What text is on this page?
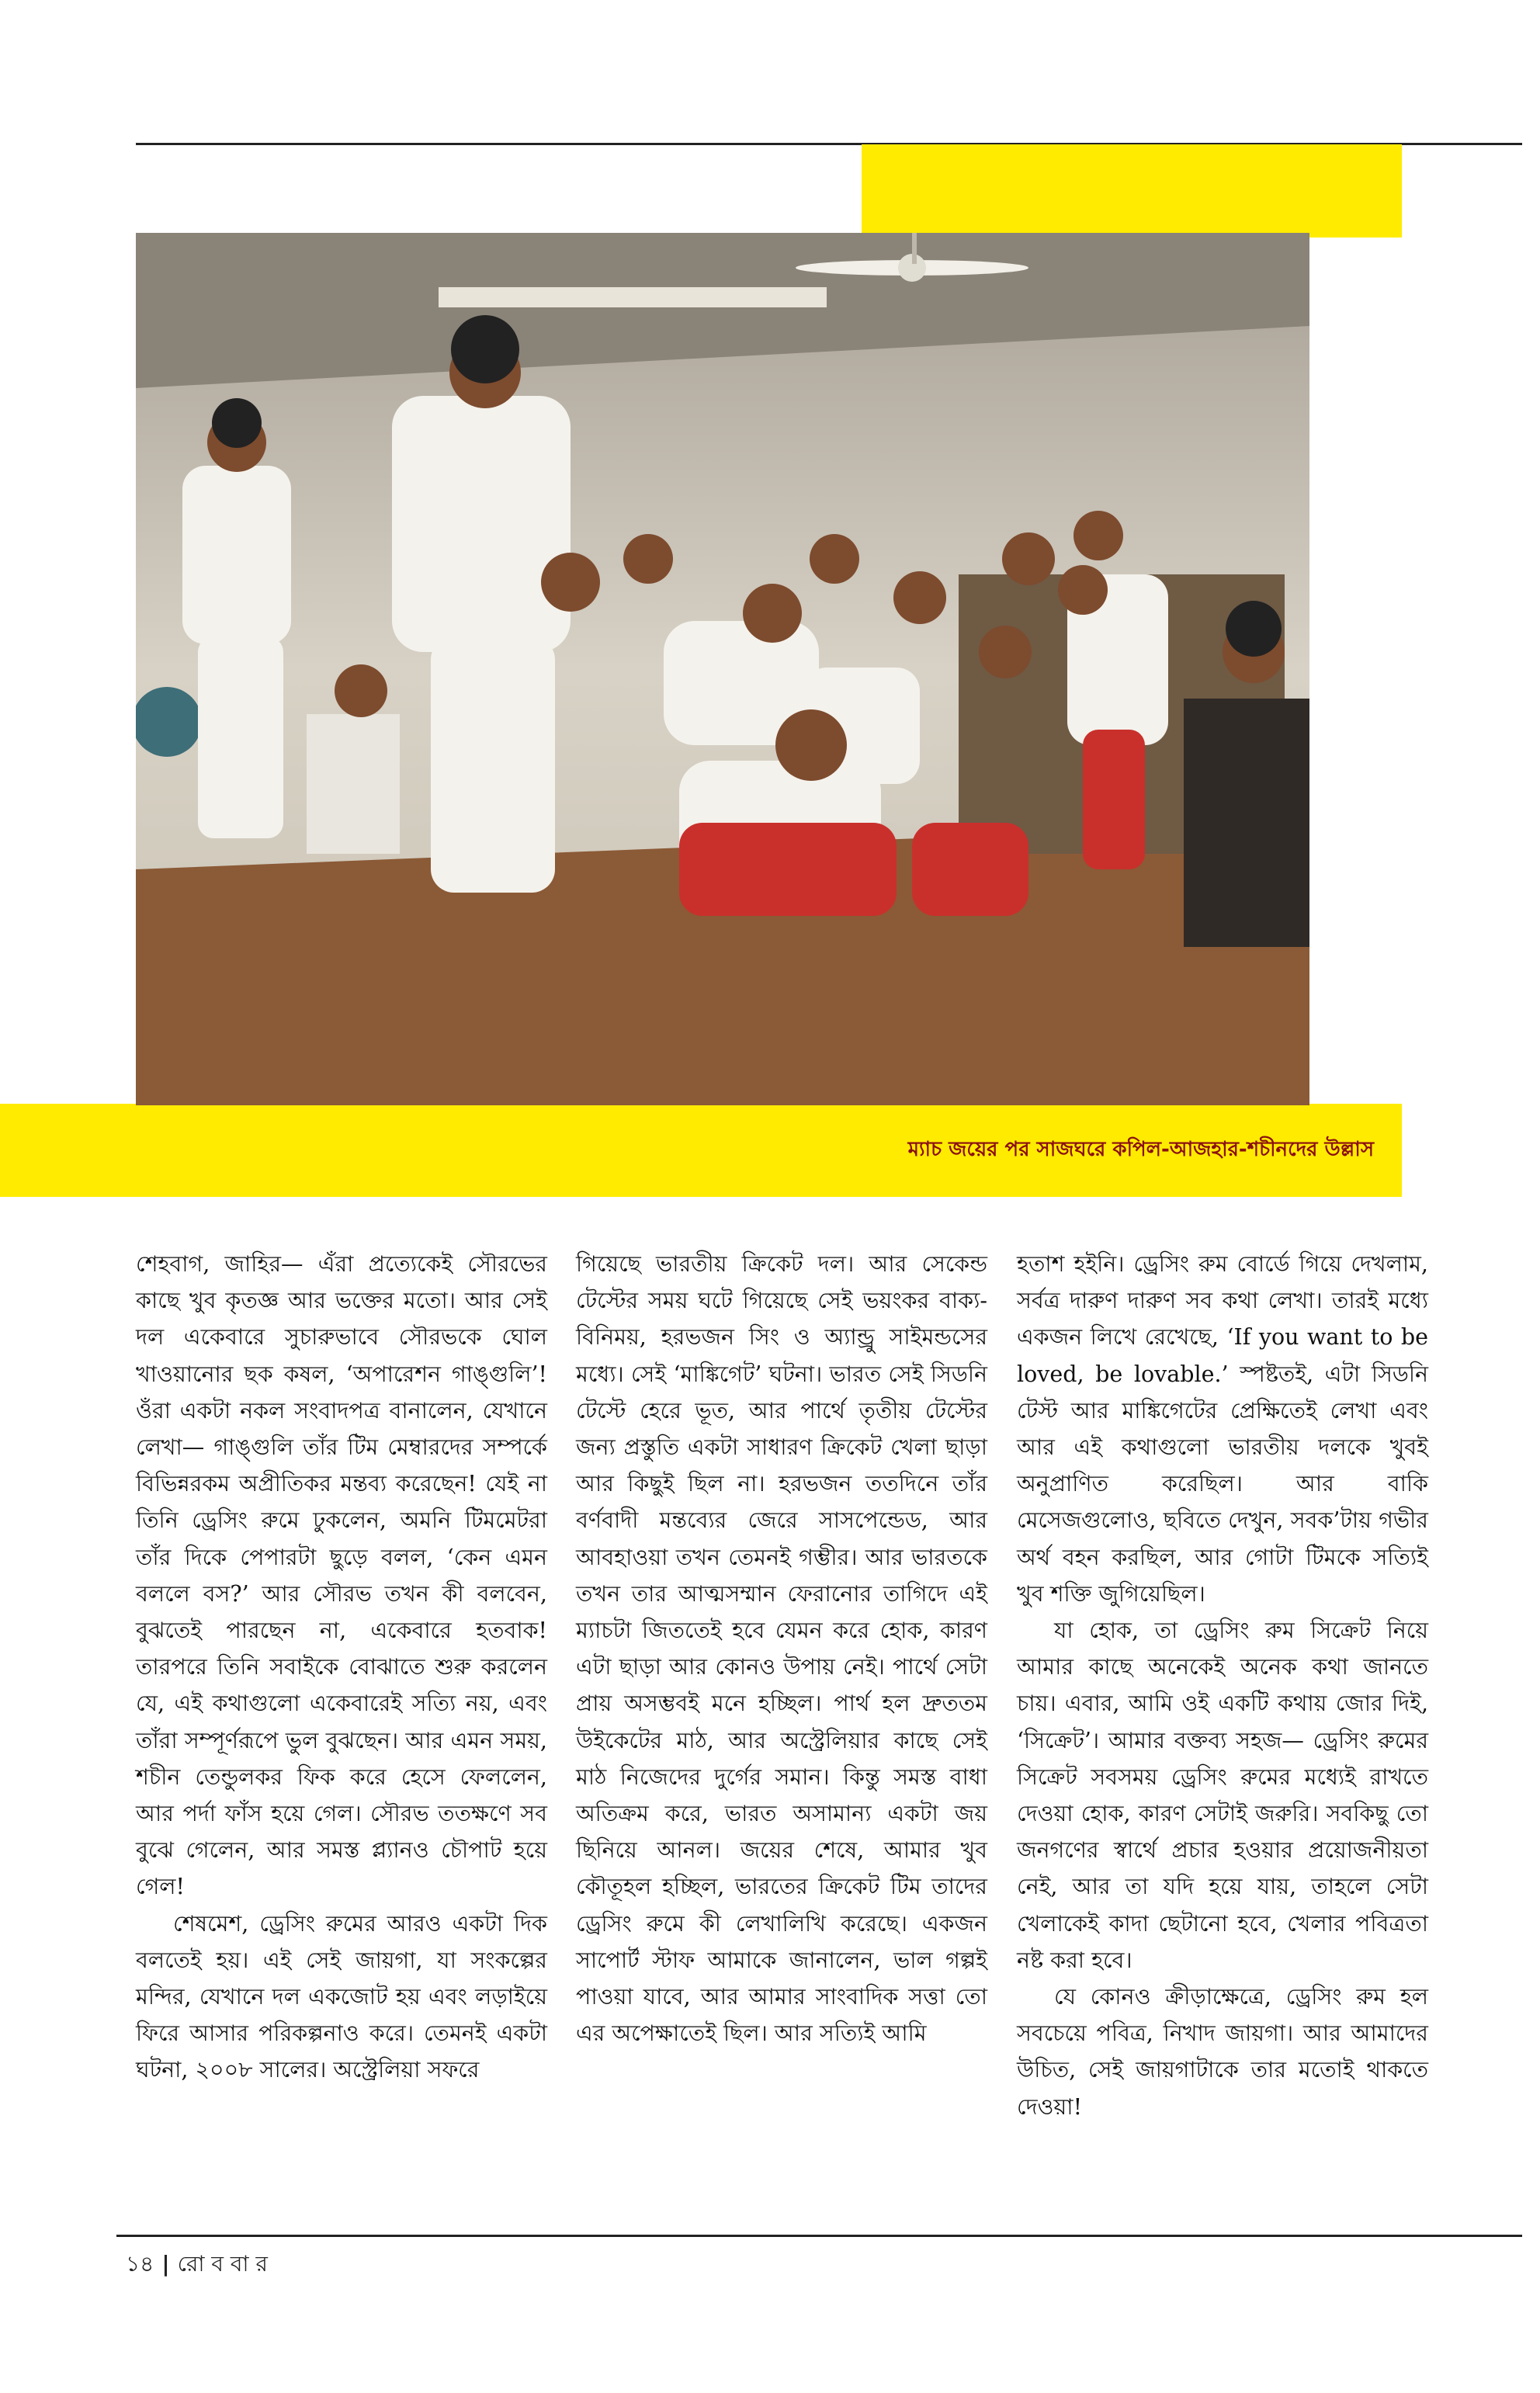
ম্যাচ জয়ের পর সাজঘরে কপিল-আজহার-শচীনদের উল্লাস

শেহবাগ, জাহির— এঁরা প্রত্যেকেই সৌরভের কাছে খুব কৃতজ্ঞ আর ভক্তের মতো। আর সেই দল একেবারে সুচারুভাবে সৌরভকে ঘোল খাওয়ানোর ছক কষল, ‘অপারেশন গাঙ্গুলি’! ওঁরা একটা নকল সংবাদপত্র বানালেন, যেখানে লেখা— গাঙ্গুলি তাঁর টিম মেম্বারদের সম্পর্কে বিভিন্নরকম অপ্রীতিকর মন্তব্য করেছেন! যেই না তিনি ড্রেসিং রুমে ঢুকলেন, অমনি টিমমেটরা তাঁর দিকে পেপারটা ছুড়ে বলল, ‘কেন এমন বললে বস?’ আর সৌরভ তখন কী বলবেন, বুঝতেই পারছেন না, একেবারে হতবাক! তারপরে তিনি সবাইকে বোঝাতে শুরু করলেন যে, এই কথাগুলো একেবারেই সত্যি নয়, এবং তাঁরা সম্পূর্ণরূপে ভুল বুঝছেন। আর এমন সময়, শচীন তেন্ডুলকর ফিক করে হেসে ফেললেন, আর পর্দা ফাঁস হয়ে গেল। সৌরভ ততক্ষণে সব বুঝে গেলেন, আর সমস্ত প্ল্যানও চৌপাট হয়ে গেল!

শেষমেশ, ড্রেসিং রুমের আরও একটা দিক বলতেই হয়। এই সেই জায়গা, যা সংকল্পের মন্দির, যেখানে দল একজোট হয় এবং লড়াইয়ে ফিরে আসার পরিকল্পনাও করে। তেমনই একটা ঘটনা, ২০০৮ সালের। অস্ট্রেলিয়া সফরে

গিয়েছে ভারতীয় ক্রিকেট দল। আর সেকেন্ড টেস্টের সময় ঘটে গিয়েছে সেই ভয়ংকর বাক্য-বিনিময়, হরভজন সিং ও অ্যান্ড্রু সাইমন্ডসের মধ্যে। সেই ‘মাঙ্কিগেট’ ঘটনা। ভারত সেই সিডনি টেস্টে হেরে ভূত, আর পার্থে তৃতীয় টেস্টের জন্য প্রস্তুতি একটা সাধারণ ক্রিকেট খেলা ছাড়া আর কিছুই ছিল না। হরভজন ততদিনে তাঁর বর্ণবাদী মন্তব্যের জেরে সাসপেন্ডেড, আর আবহাওয়া তখন তেমনই গম্ভীর। আর ভারতকে তখন তার আত্মসম্মান ফেরানোর তাগিদে এই ম্যাচটা জিততেই হবে যেমন করে হোক, কারণ এটা ছাড়া আর কোনও উপায় নেই। পার্থে সেটা প্রায় অসম্ভবই মনে হচ্ছিল। পার্থ হল দ্রুততম উইকেটের মাঠ, আর অস্ট্রেলিয়ার কাছে সেই মাঠ নিজেদের দুর্গের সমান। কিন্তু সমস্ত বাধা অতিক্রম করে, ভারত অসামান্য একটা জয় ছিনিয়ে আনল। জয়ের শেষে, আমার খুব কৌতূহল হচ্ছিল, ভারতের ক্রিকেট টিম তাদের ড্রেসিং রুমে কী লেখালিখি করেছে। একজন সাপোর্ট স্টাফ আমাকে জানালেন, ভাল গল্পই পাওয়া যাবে, আর আমার সাংবাদিক সত্তা তো এর অপেক্ষাতেই ছিল। আর সত্যিই আমি

হতাশ হইনি। ড্রেসিং রুম বোর্ডে গিয়ে দেখলাম, সর্বত্র দারুণ দারুণ সব কথা লেখা। তারই মধ্যে একজন লিখে রেখেছে, ‘If you want to be loved, be lovable.’ স্পষ্টতই, এটা সিডনি টেস্ট আর মাঙ্কিগেটের প্রেক্ষিতেই লেখা এবং আর এই কথাগুলো ভারতীয় দলকে খুবই অনুপ্রাণিত করেছিল। আর বাকি মেসেজগুলোও, ছবিতে দেখুন, সবক’টায় গভীর অর্থ বহন করছিল, আর গোটা টিমকে সত্যিই খুব শক্তি জুগিয়েছিল।

যা হোক, তা ড্রেসিং রুম সিক্রেট নিয়ে আমার কাছে অনেকেই অনেক কথা জানতে চায়। এবার, আমি ওই একটি কথায় জোর দিই, ‘সিক্রেট’। আমার বক্তব্য সহজ— ড্রেসিং রুমের সিক্রেট সবসময় ড্রেসিং রুমের মধ্যেই রাখতে দেওয়া হোক, কারণ সেটাই জরুরি। সবকিছু তো জনগণের স্বার্থে প্রচার হওয়ার প্রয়োজনীয়তা নেই, আর তা যদি হয়ে যায়, তাহলে সেটা খেলাকেই কাদা ছেটানো হবে, খেলার পবিত্রতা নষ্ট করা হবে।

যে কোনও ক্রীড়াক্ষেত্রে, ড্রেসিং রুম হল সবচেয়ে পবিত্র, নিখাদ জায়গা। আর আমাদের উচিত, সেই জায়গাটাকে তার মতোই থাকতে দেওয়া!

১৪ | রো ব বা র
